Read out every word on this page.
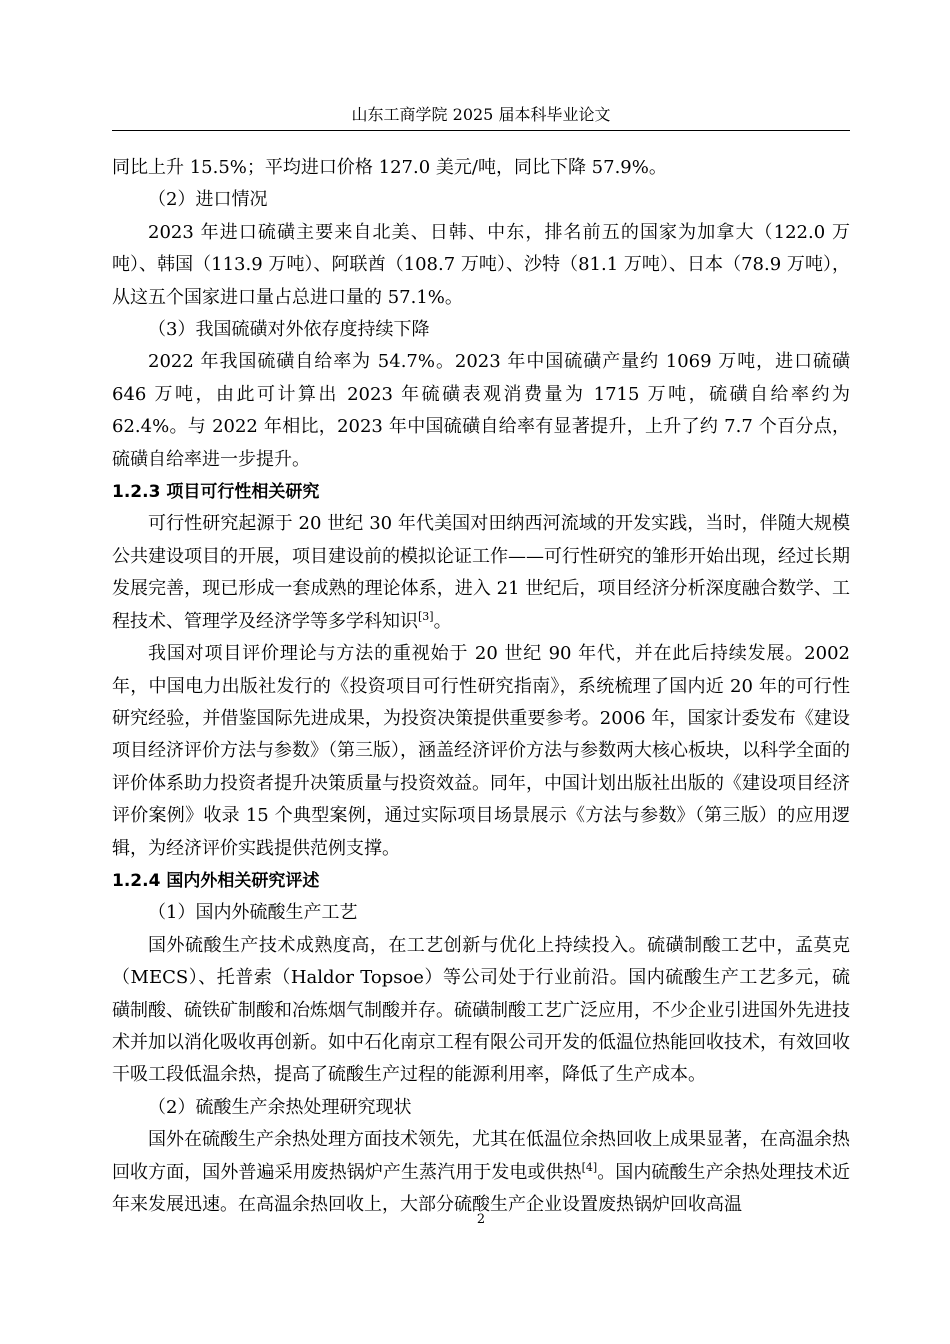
山东工商学院 2025 届本科毕业论文

同比上升 15.5%；平均进口价格 127.0 美元/吨，同比下降 57.9%。

（2）进口情况

2023 年进口硫磺主要来自北美、日韩、中东，排名前五的国家为加拿大（122.0 万吨）、韩国（113.9 万吨）、阿联酋（108.7 万吨）、沙特（81.1 万吨）、日本（78.9 万吨），从这五个国家进口量占总进口量的 57.1%。

（3）我国硫磺对外依存度持续下降

2022 年我国硫磺自给率为 54.7%。2023 年中国硫磺产量约 1069 万吨，进口硫磺 646 万吨，由此可计算出 2023 年硫磺表观消费量为 1715 万吨，硫磺自给率约为 62.4%。与 2022 年相比，2023 年中国硫磺自给率有显著提升，上升了约 7.7 个百分点，硫磺自给率进一步提升。

1.2.3 项目可行性相关研究

可行性研究起源于 20 世纪 30 年代美国对田纳西河流域的开发实践，当时，伴随大规模公共建设项目的开展，项目建设前的模拟论证工作——可行性研究的雏形开始出现，经过长期发展完善，现已形成一套成熟的理论体系，进入 21 世纪后，项目经济分析深度融合数学、工程技术、管理学及经济学等多学科知识[3]。

我国对项目评价理论与方法的重视始于 20 世纪 90 年代，并在此后持续发展。2002 年，中国电力出版社发行的《投资项目可行性研究指南》，系统梳理了国内近 20 年的可行性研究经验，并借鉴国际先进成果，为投资决策提供重要参考。2006 年，国家计委发布《建设项目经济评价方法与参数》（第三版），涵盖经济评价方法与参数两大核心板块，以科学全面的评价体系助力投资者提升决策质量与投资效益。同年，中国计划出版社出版的《建设项目经济评价案例》收录 15 个典型案例，通过实际项目场景展示《方法与参数》（第三版）的应用逻辑，为经济评价实践提供范例支撑。

1.2.4 国内外相关研究评述

（1）国内外硫酸生产工艺

国外硫酸生产技术成熟度高，在工艺创新与优化上持续投入。硫磺制酸工艺中，孟莫克（MECS）、托普索（Haldor Topsoe）等公司处于行业前沿。国内硫酸生产工艺多元，硫磺制酸、硫铁矿制酸和冶炼烟气制酸并存。硫磺制酸工艺广泛应用，不少企业引进国外先进技术并加以消化吸收再创新。如中石化南京工程有限公司开发的低温位热能回收技术，有效回收干吸工段低温余热，提高了硫酸生产过程的能源利用率，降低了生产成本。

（2）硫酸生产余热处理研究现状

国外在硫酸生产余热处理方面技术领先，尤其在低温位余热回收上成果显著，在高温余热回收方面，国外普遍采用废热锅炉产生蒸汽用于发电或供热[4]。国内硫酸生产余热处理技术近年来发展迅速。在高温余热回收上，大部分硫酸生产企业设置废热锅炉回收高温

2
